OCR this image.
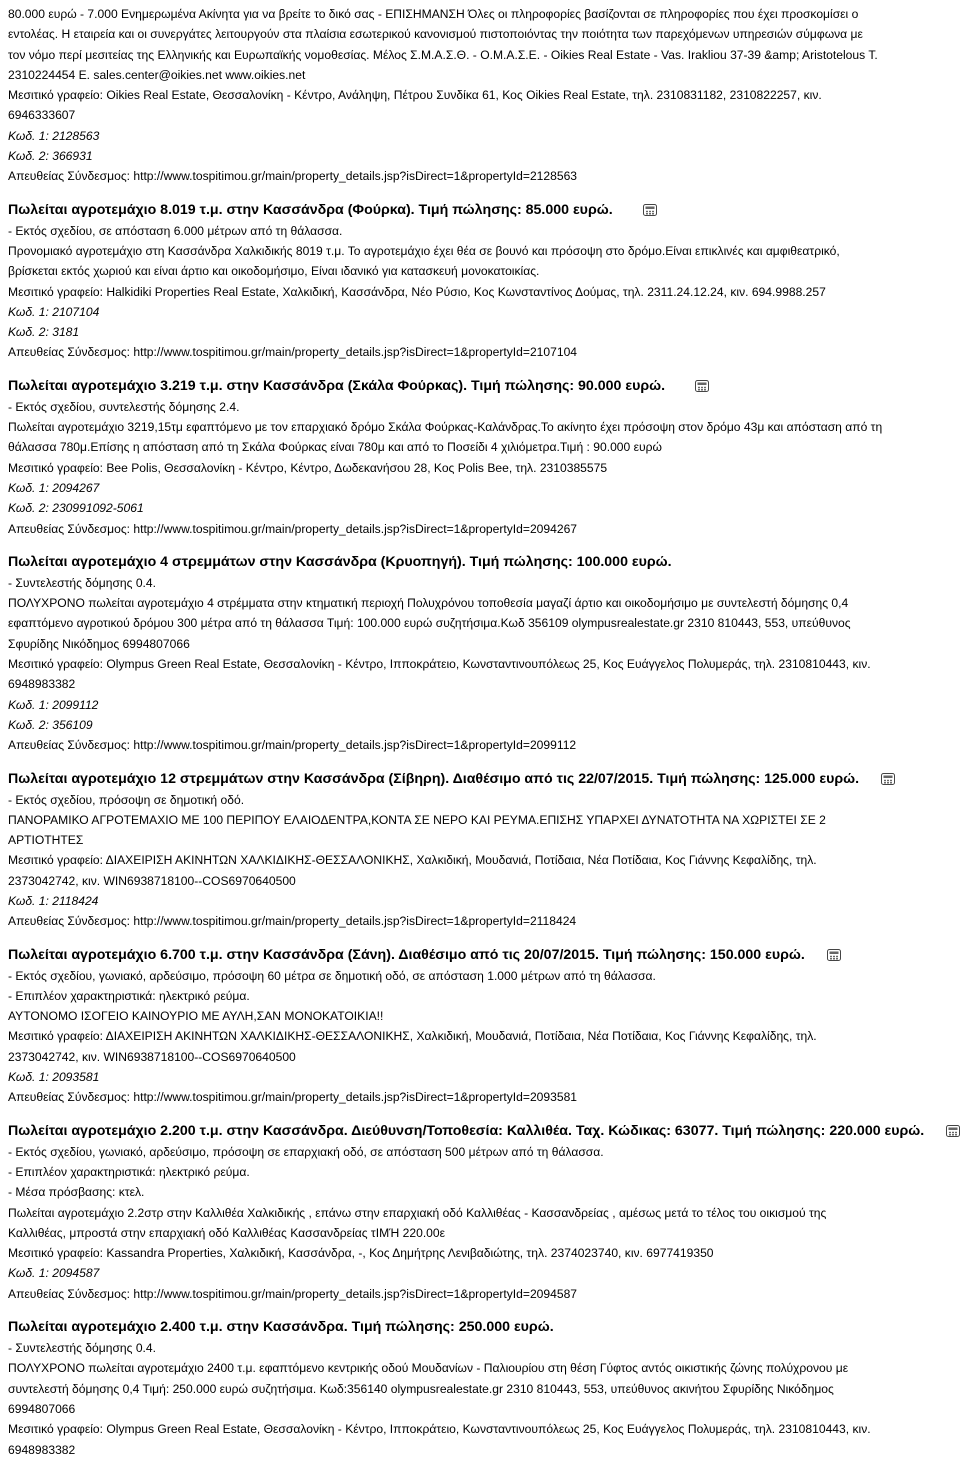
80.000 ευρώ - 7.000 Ενημερωμένα Ακίνητα για να βρείτε το δικό σας - ΕΠΙΣΗΜΑΝΣΗ Όλες οι πληροφορίες βασίζονται σε πληροφορίες που έχει προσκομίσει ο
εντολέας. Η εταιρεία και οι συνεργάτες λειτουργούν στα πλαίσια εσωτερικού κανονισμού πιστοποιόντας την ποιότητα των παρεχόμενων υπηρεσιών σύμφωνα με
τον νόμο περί μεσιτείας της Ελληνικής και Ευρωπαϊκής νομοθεσίας. Μέλος Σ.Μ.Α.Σ.Θ. - Ο.Μ.Α.Σ.Ε. - Oikies Real Estate - Vas. Irakliou 37-39 &amp; Aristotelous T.
2310224454 E. sales.center@oikies.net www.oikies.net
Μεσιτικό γραφείο: Oikies Real Estate, Θεσσαλονίκη - Κέντρο, Ανάληψη, Πέτρου Συνδίκα 61, Κος Oikies Real Estate, τηλ. 2310831182, 2310822257, κιν.
6946333607
Κωδ. 1: 2128563
Κωδ. 2: 366931
Απευθείας Σύνδεσμος: http://www.tospitimou.gr/main/property_details.jsp?isDirect=1&propertyId=2128563
Πωλείται αγροτεμάχιο 8.019 τ.μ. στην Κασσάνδρα (Φούρκα). Τιμή πώλησης: 85.000 ευρώ.
- Εκτός σχεδίου, σε απόσταση 6.000 μέτρων από τη θάλασσα.
Προνομιακό αγροτεμάχιο στη Κασσάνδρα Χαλκιδικής 8019 τ.μ. Το αγροτεμάχιο έχει θέα σε βουνό και πρόσοψη στο δρόμο.Είναι επικλινές και αμφιθεατρικό,
βρίσκεται εκτός χωριού και είναι άρτιο και οικοδομήσιμο, Είναι ιδανικό για κατασκευή μονοκατοικίας.
Μεσιτικό γραφείο: Halkidiki Properties Real Estate, Χαλκιδική, Κασσάνδρα, Νέο Ρύσιο, Κος Κωνσταντίνος Δούμας, τηλ. 2311.24.12.24, κιν. 694.9988.257
Κωδ. 1: 2107104
Κωδ. 2: 3181
Απευθείας Σύνδεσμος: http://www.tospitimou.gr/main/property_details.jsp?isDirect=1&propertyId=2107104
Πωλείται αγροτεμάχιο 3.219 τ.μ. στην Κασσάνδρα (Σκάλα Φούρκας). Τιμή πώλησης: 90.000 ευρώ.
- Εκτός σχεδίου, συντελεστής δόμησης 2.4.
Πωλείται αγροτεμάχιο 3219,15τμ εφαπτόμενο με τον επαρχιακό δρόμο Σκάλα Φούρκας-Καλάνδρας.Το ακίνητο έχει πρόσοψη στον δρόμο 43μ και απόσταση από τη
θάλασσα 780μ.Επίσης η απόσταση από τη Σκάλα Φούρκας είναι 780μ και από το Ποσείδι 4 χιλιόμετρα.Τιμή : 90.000 ευρώ
Μεσιτικό γραφείο: Bee Polis, Θεσσαλονίκη - Κέντρο, Κέντρο, Δωδεκανήσου 28, Κος Polis Bee, τηλ. 2310385575
Κωδ. 1: 2094267
Κωδ. 2: 230991092-5061
Απευθείας Σύνδεσμος: http://www.tospitimou.gr/main/property_details.jsp?isDirect=1&propertyId=2094267
Πωλείται αγροτεμάχιο 4 στρεμμάτων στην Κασσάνδρα (Κρυοπηγή). Τιμή πώλησης: 100.000 ευρώ.
- Συντελεστής δόμησης 0.4.
ΠΟΛΥΧΡΟΝΟ πωλείται αγροτεμάχιο 4 στρέμματα στην κτηματική περιοχή Πολυχρόνου τοποθεσία μαγαζί άρτιο και οικοδομήσιμο με συντελεστή δόμησης 0,4
εφαπτόμενο αγροτικού δρόμου 300 μέτρα από τη θάλασσα Τιμή: 100.000 ευρώ συζητήσιμα.Κωδ 356109 olympusrealestate.gr 2310 810443, 553, υπεύθυνος
Σφυρίδης Νικόδημος 6994807066
Μεσιτικό γραφείο: Olympus Green Real Estate, Θεσσαλονίκη - Κέντρο, Ιπποκράτειο, Κωνσταντινουπόλεως 25, Κος Ευάγγελος Πολυμεράς, τηλ. 2310810443, κιν.
6948983382
Κωδ. 1: 2099112
Κωδ. 2: 356109
Απευθείας Σύνδεσμος: http://www.tospitimou.gr/main/property_details.jsp?isDirect=1&propertyId=2099112
Πωλείται αγροτεμάχιο 12 στρεμμάτων στην Κασσάνδρα (Σίβηρη). Διαθέσιμο από τις 22/07/2015. Τιμή πώλησης: 125.000 ευρώ.
- Εκτός σχεδίου, πρόσοψη σε δημοτική οδό.
ΠΑΝΟΡΑΜΙΚΟ ΑΓΡΟΤΕΜΑΧΙΟ ΜΕ 100 ΠΕΡΙΠΟΥ ΕΛΑΙΟΔΕΝΤΡΑ,ΚΟΝΤΑ ΣΕ ΝΕΡΟ ΚΑΙ ΡΕΥΜΑ.ΕΠΙΣΗΣ ΥΠΑΡΧΕΙ ΔΥΝΑΤΟΤΗΤΑ ΝΑ ΧΩΡΙΣΤΕΙ ΣΕ 2
ΑΡΤΙΟΤΗΤΕΣ
Μεσιτικό γραφείο: ΔΙΑΧΕΙΡΙΣΗ ΑΚΙΝΗΤΩΝ ΧΑΛΚΙΔΙΚΗΣ-ΘΕΣΣΑΛΟΝΙΚΗΣ, Χαλκιδική, Μουδανιά, Ποτίδαια, Νέα Ποτίδαια, Κος Γιάννης Κεφαλίδης, τηλ.
2373042742, κιν. WIN6938718100--COS6970640500
Κωδ. 1: 2118424
Απευθείας Σύνδεσμος: http://www.tospitimou.gr/main/property_details.jsp?isDirect=1&propertyId=2118424
Πωλείται αγροτεμάχιο 6.700 τ.μ. στην Κασσάνδρα (Σάνη). Διαθέσιμο από τις 20/07/2015. Τιμή πώλησης: 150.000 ευρώ.
- Εκτός σχεδίου, γωνιακό, αρδεύσιμο, πρόσοψη 60 μέτρα σε δημοτική οδό, σε απόσταση 1.000 μέτρων από τη θάλασσα.
- Επιπλέον χαρακτηριστικά: ηλεκτρικό ρεύμα.
ΑΥΤΟΝΟΜΟ ΙΣΟΓΕΙΟ ΚΑΙΝΟΥΡΙΟ ΜΕ ΑΥΛΗ,ΣΑΝ ΜΟΝΟΚΑΤΟΙΚΙΑ!!
Μεσιτικό γραφείο: ΔΙΑΧΕΙΡΙΣΗ ΑΚΙΝΗΤΩΝ ΧΑΛΚΙΔΙΚΗΣ-ΘΕΣΣΑΛΟΝΙΚΗΣ, Χαλκιδική, Μουδανιά, Ποτίδαια, Νέα Ποτίδαια, Κος Γιάννης Κεφαλίδης, τηλ.
2373042742, κιν. WIN6938718100--COS6970640500
Κωδ. 1: 2093581
Απευθείας Σύνδεσμος: http://www.tospitimou.gr/main/property_details.jsp?isDirect=1&propertyId=2093581
Πωλείται αγροτεμάχιο 2.200 τ.μ. στην Κασσάνδρα. Διεύθυνση/Τοποθεσία: Καλλιθέα. Ταχ. Κώδικας: 63077. Τιμή πώλησης: 220.000 ευρώ.
- Εκτός σχεδίου, γωνιακό, αρδεύσιμο, πρόσοψη σε επαρχιακή οδό, σε απόσταση 500 μέτρων από τη θάλασσα.
- Επιπλέον χαρακτηριστικά: ηλεκτρικό ρεύμα.
- Μέσα πρόσβασης: κτελ.
Πωλείται αγροτεμάχιο 2.2στρ στην Καλλιθέα Χαλκιδικής , επάνω στην επαρχιακή οδό Καλλιθέας - Κασσανδρείας , αμέσως μετά το τέλος του οικισμού της
Καλλιθέας, μπροστά στην επαρχιακή οδό Καλλιθέας Κασσανδρείας τΙΜΉ 220.00ε
Μεσιτικό γραφείο: Kassandra Properties, Χαλκιδική, Κασσάνδρα, -, Κος Δημήτρης Λενιβαδιώτης, τηλ. 2374023740, κιν. 6977419350
Κωδ. 1: 2094587
Απευθείας Σύνδεσμος: http://www.tospitimou.gr/main/property_details.jsp?isDirect=1&propertyId=2094587
Πωλείται αγροτεμάχιο 2.400 τ.μ. στην Κασσάνδρα. Τιμή πώλησης: 250.000 ευρώ.
- Συντελεστής δόμησης 0.4.
ΠΟΛΥΧΡΟΝΟ πωλείται αγροτεμάχιο 2400 τ.μ. εφαπτόμενο κεντρικής οδού Μουδανίων - Παλιουρίου στη θέση Γύφτος αντός οικιστικής ζώνης πολύχρονου με
συντελεστή δόμησης 0,4 Τιμή: 250.000 ευρώ συζητήσιμα. Κωδ:356140 olympusrealestate.gr 2310 810443, 553, υπεύθυνος ακινήτου Σφυρίδης Νικόδημος
6994807066
Μεσιτικό γραφείο: Olympus Green Real Estate, Θεσσαλονίκη - Κέντρο, Ιπποκράτειο, Κωνσταντινουπόλεως 25, Κος Ευάγγελος Πολυμεράς, τηλ. 2310810443, κιν.
6948983382
